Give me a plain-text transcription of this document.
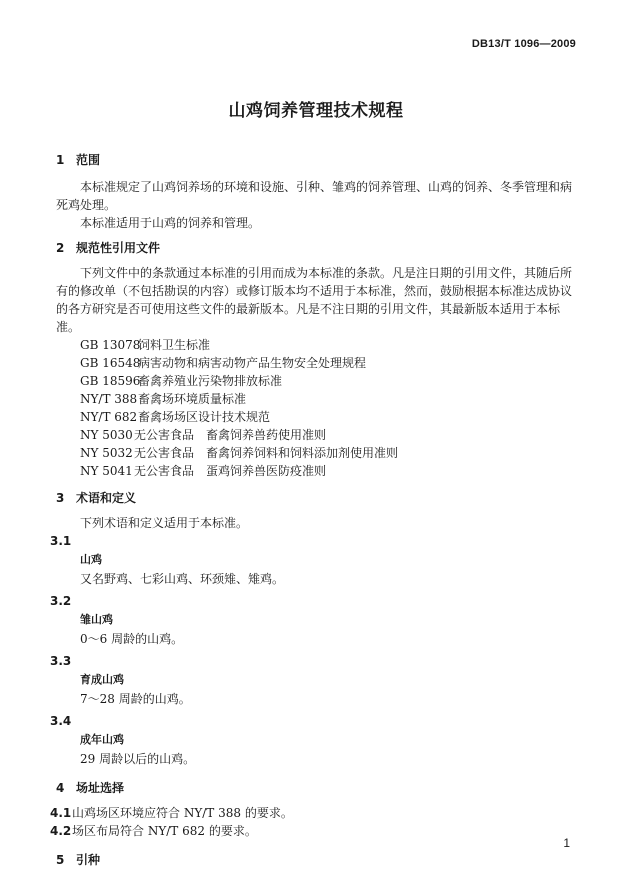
DB13/T 1096—2009
山鸡饲养管理技术规程
1 范围

本标准规定了山鸡饲养场的环境和设施、引种、雏鸡的饲养管理、山鸡的饲养、冬季管理和病死鸡处理。

本标准适用于山鸡的饲养和管理。

2 规范性引用文件

下列文件中的条款通过本标准的引用而成为本标准的条款。凡是注日期的引用文件，其随后所有的修改单（不包括勘误的内容）或修订版本均不适用于本标准，然而，鼓励根据本标准达成协议的各方研究是否可使用这些文件的最新版本。凡是不注日期的引用文件，其最新版本适用于本标准。

GB 13078饲料卫生标准
GB 16548病害动物和病害动物产品生物安全处理规程
GB 18596畜禽养殖业污染物排放标准
NY/T 388畜禽场环境质量标准
NY/T 682畜禽场场区设计技术规范
NY 5030无公害食品　畜禽饲养兽药使用准则
NY 5032无公害食品　畜禽饲养饲料和饲料添加剂使用准则
NY 5041无公害食品　蛋鸡饲养兽医防疫准则
3 术语和定义

下列术语和定义适用于本标准。

3.1
山鸡
又名野鸡、七彩山鸡、环颈雉、雉鸡。
3.2
雏山鸡
0～6 周龄的山鸡。
3.3
育成山鸡
7～28 周龄的山鸡。
3.4
成年山鸡
29 周龄以后的山鸡。
4 场址选择
4.1山鸡场区环境应符合 NY/T 388 的要求。
4.2场区布局符合 NY/T 682 的要求。
5 引种
1
